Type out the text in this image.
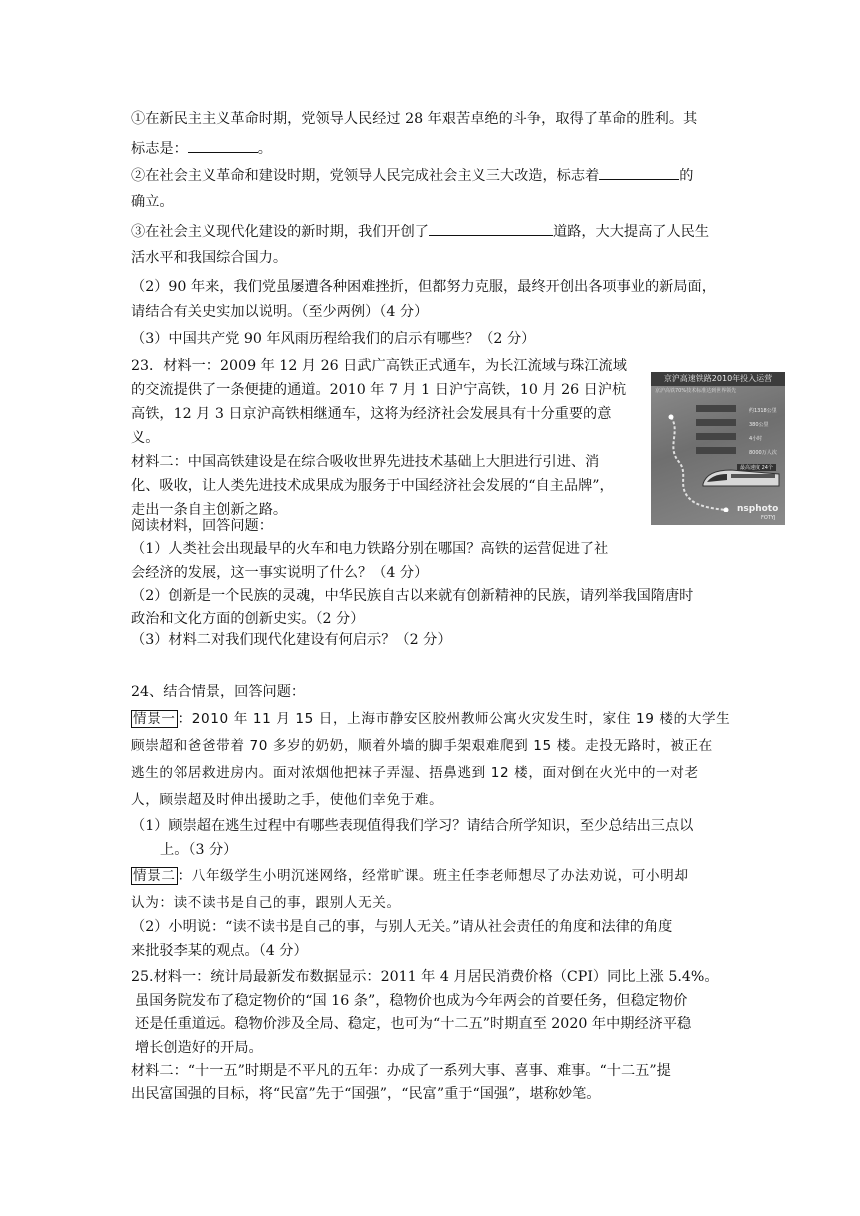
①在新民主主义革命时期，党领导人民经过 28 年艰苦卓绝的斗争，取得了革命的胜利。其
标志是：	。
②在社会主义革命和建设时期，党领导人民完成社会主义三大改造，标志着	的
确立。
③在社会主义现代化建设的新时期，我们开创了	道路，大大提高了人民生
活水平和我国综合国力。
（2）90 年来，我们党虽屡遭各种困难挫折，但都努力克服，最终开创出各项事业的新局面，
请结合有关史实加以说明。（至少两例）（4 分）
（3）中国共产党 90 年风雨历程给我们的启示有哪些？（2 分）
23．材料一：2009 年 12 月 26 日武广高铁正式通车，为长江流域与珠江流域
的交流提供了一条便捷的通道。2010 年 7 月 1 日沪宁高铁，10 月 26 日沪杭
高铁，12 月 3 日京沪高铁相继通车，这将为经济社会发展具有十分重要的意
义。
材料二：中国高铁建设是在综合吸收世界先进技术基础上大胆进行引进、消
化、吸收，让人类先进技术成果成为服务于中国经济社会发展的“自主品牌”，
走出一条自主创新之路。
阅读材料，回答问题：
（1）人类社会出现最早的火车和电力铁路分别在哪国？高铁的运营促进了社
会经济的发展，这一事实说明了什么？（4 分）
（2）创新是一个民族的灵魂，中华民族自古以来就有创新精神的民族，请列举我国隋唐时
政治和文化方面的创新史实。（2 分）
（3）材料二对我们现代化建设有何启示？（2 分）
京沪高速铁路2010年投入运营
京沪高铁70%技术标准达到世界领先
约1318公里
380公里
4小时
8000万人次
最高速度 24个
nsphoto
FOTYJ
24、结合情景，回答问题：
情景一 ：2010 年 11 月 15 日，上海市静安区胶州教师公寓火灾发生时，家住 19 楼的大学生
顾崇超和爸爸带着 70 多岁的奶奶，顺着外墙的脚手架艰难爬到 15 楼。走投无路时，被正在
逃生的邻居救进房内。面对浓烟他把袜子弄湿、捂鼻逃到 12 楼，面对倒在火光中的一对老
人，顾崇超及时伸出援助之手，使他们幸免于难。
（1）顾崇超在逃生过程中有哪些表现值得我们学习？请结合所学知识，至少总结出三点以
上。（3 分）
情景二 ：八年级学生小明沉迷网络，经常旷课。班主任李老师想尽了办法劝说，可小明却
认为：读不读书是自己的事，跟别人无关。
（2）小明说：“读不读书是自己的事，与别人无关。”请从社会责任的角度和法律的角度
来批驳李某的观点。（4 分）
25.材料一：统计局最新发布数据显示：2011 年 4 月居民消费价格（CPI）同比上涨 5.4%。
虽国务院发布了稳定物价的“国 16 条”，稳物价也成为今年两会的首要任务，但稳定物价
还是任重道远。稳物价涉及全局、稳定，也可为“十二五”时期直至 2020 年中期经济平稳
增长创造好的开局。
材料二：“十一五”时期是不平凡的五年：办成了一系列大事、喜事、难事。“十二五”提
出民富国强的目标，将“民富”先于“国强”，“民富”重于“国强”，堪称妙笔。
